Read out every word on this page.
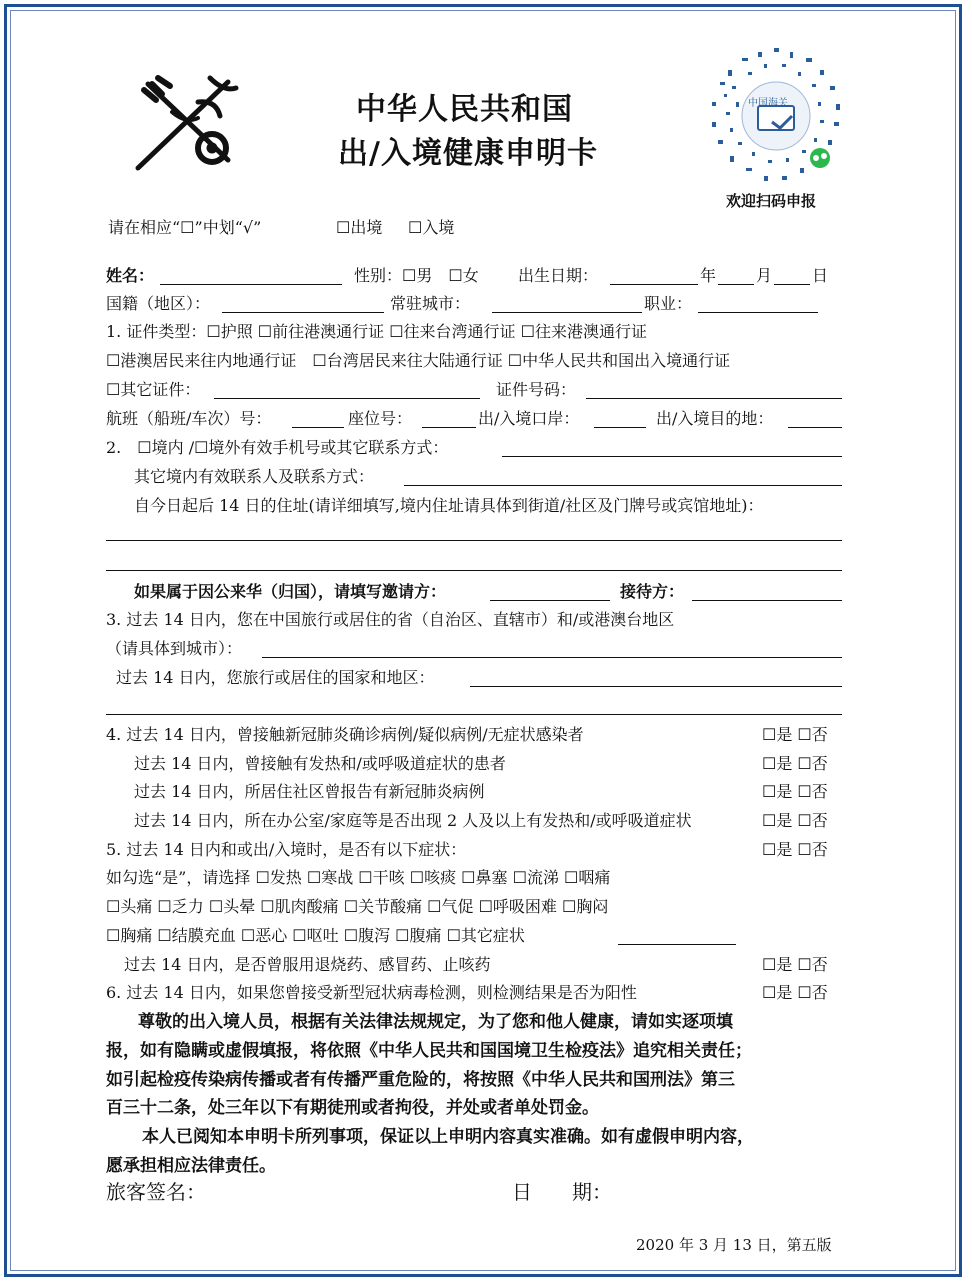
中华人民共和国
出/入境健康申明卡
中国海关
欢迎扫码申报
请在相应“☐”中划“√”	☐出境 ☐入境
姓名：	性别：☐男　☐女 出生日期：	年 月 日
国籍（地区）：	常驻城市：	职业：
1. 证件类型：☐护照 ☐前往港澳通行证 ☐往来台湾通行证 ☐往来港澳通行证
☐港澳居民来往内地通行证　☐台湾居民来往大陆通行证 ☐中华人民共和国出入境通行证
☐其它证件：	证件号码：
航班（船班/车次）号：	座位号：	出/入境口岸：	出/入境目的地：
2.　☐境内 /☐境外有效手机号或其它联系方式：
其它境内有效联系人及联系方式：
自今日起后 14 日的住址(请详细填写,境内住址请具体到街道/社区及门牌号或宾馆地址)：
如果属于因公来华（归国），请填写邀请方：	接待方：
3. 过去 14 日内，您在中国旅行或居住的省（自治区、直辖市）和/或港澳台地区
（请具体到城市）：
过去 14 日内，您旅行或居住的国家和地区：
4. 过去 14 日内，曾接触新冠肺炎确诊病例/疑似病例/无症状感染者	☐是 ☐否
过去 14 日内，曾接触有发热和/或呼吸道症状的患者	☐是 ☐否
过去 14 日内，所居住社区曾报告有新冠肺炎病例	☐是 ☐否
过去 14 日内，所在办公室/家庭等是否出现 2 人及以上有发热和/或呼吸道症状	☐是 ☐否
5. 过去 14 日内和或出/入境时，是否有以下症状：	☐是 ☐否
如勾选“是”，请选择 ☐发热 ☐寒战 ☐干咳 ☐咳痰 ☐鼻塞 ☐流涕 ☐咽痛
☐头痛 ☐乏力 ☐头晕 ☐肌肉酸痛 ☐关节酸痛 ☐气促 ☐呼吸困难 ☐胸闷
☐胸痛 ☐结膜充血 ☐恶心 ☐呕吐 ☐腹泻 ☐腹痛 ☐其它症状
过去 14 日内，是否曾服用退烧药、感冒药、止咳药	☐是 ☐否
6. 过去 14 日内，如果您曾接受新型冠状病毒检测，则检测结果是否为阳性	☐是 ☐否
尊敬的出入境人员，根据有关法律法规规定，为了您和他人健康，请如实逐项填
报，如有隐瞒或虚假填报，将依照《中华人民共和国国境卫生检疫法》追究相关责任；
如引起检疫传染病传播或者有传播严重危险的，将按照《中华人民共和国刑法》第三
百三十二条，处三年以下有期徒刑或者拘役，并处或者单处罚金。
本人已阅知本申明卡所列事项，保证以上申明内容真实准确。如有虚假申明内容，
愿承担相应法律责任。
旅客签名：	日　　期：
2020 年 3 月 13 日，第五版
